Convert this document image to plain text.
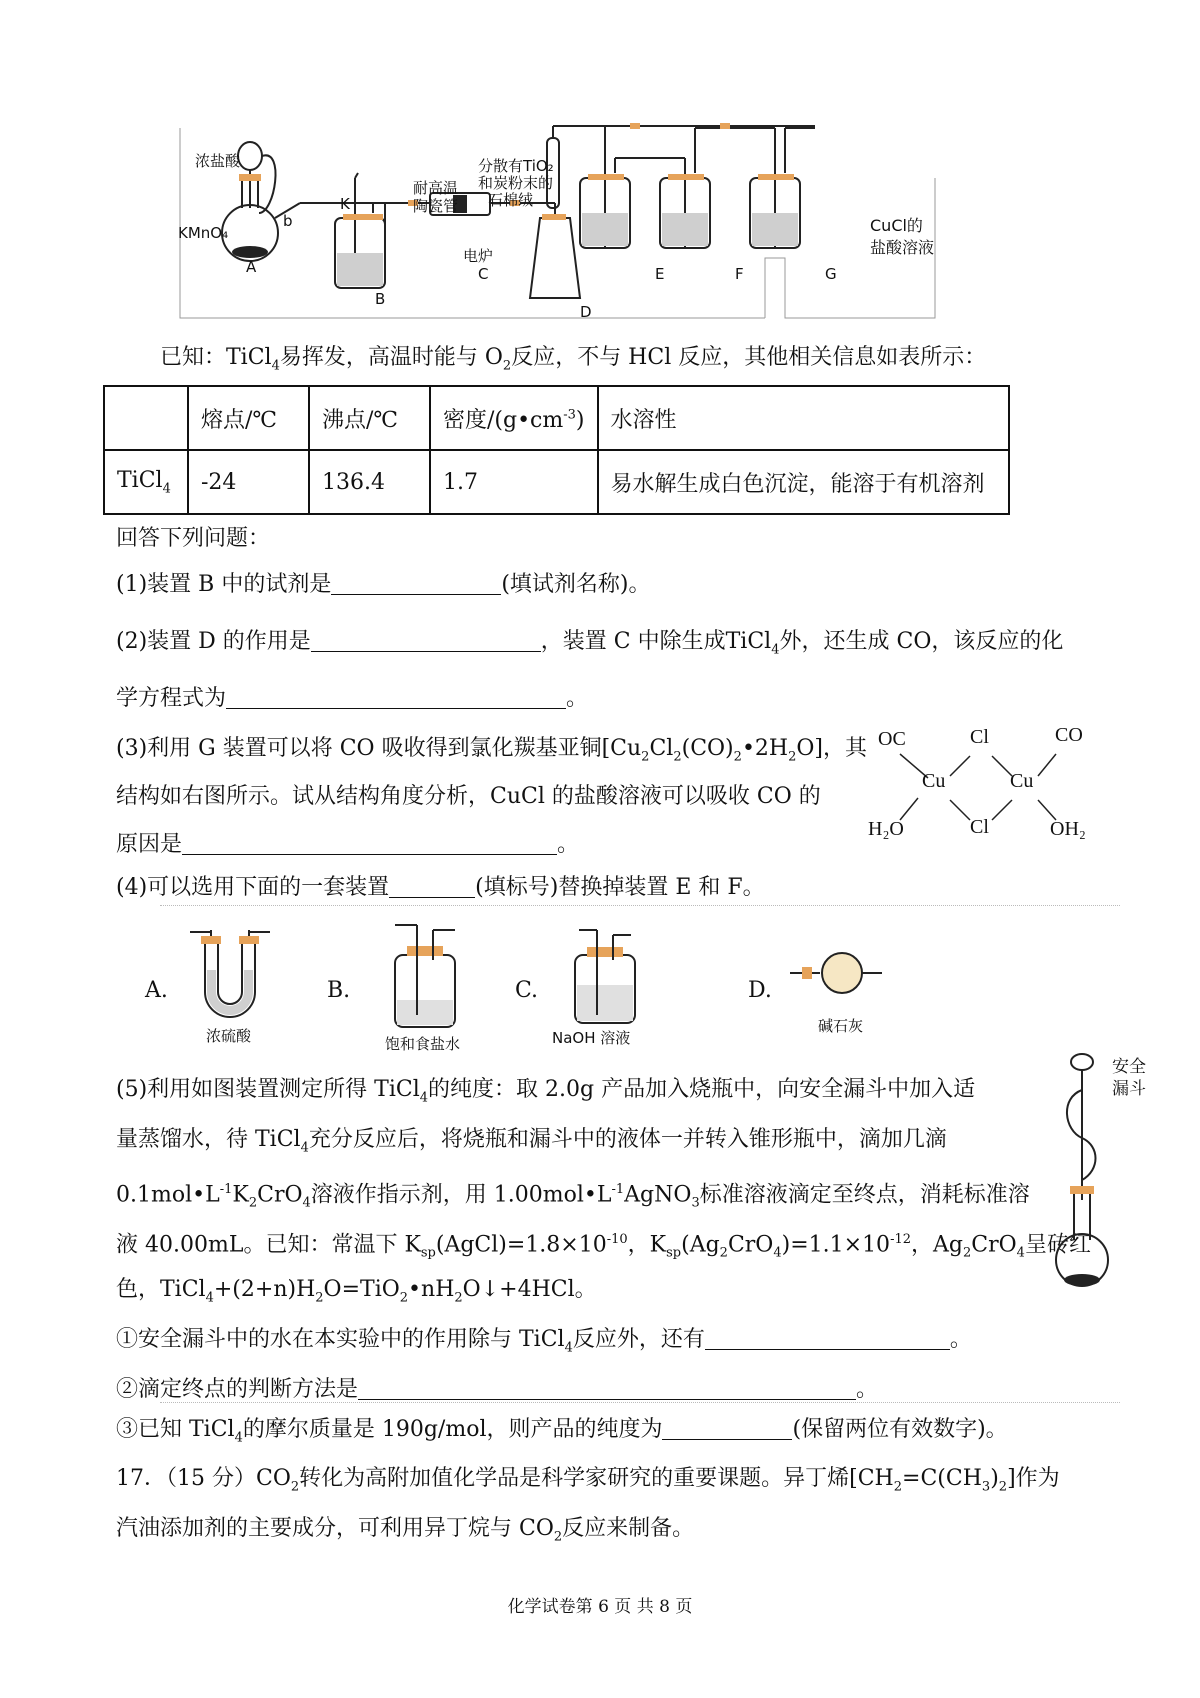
浓盐酸
KMnO₄
A
b
K
B
耐高温
陶瓷管
分散有TiO₂
和炭粉末的
石棉绒
电炉
C
D
E	F	G
CuCl的
盐酸溶液
已知：TiCl$_4$易挥发，高温时能与 $O_2$反应，不与 HCl 反应，其他相关信息如表所示：
	熔点/℃	沸点/℃	密度$/(g•cm^{-3})$	水溶性
TiCl$_4$	-24	136.4	1.7	易水解生成白色沉淀，能溶于有机溶剂
回答下列问题：
(1)装置 B 中的试剂是	(填试剂名称)。
(2)装置 D 的作用是	，装置 C 中除生成TiCl$_4$外，还生成 CO，该反应的化
学方程式为	。
(3)利用 G 装置可以将 CO 吸收得到氯化羰基亚铜$[Cu_2Cl_2(CO)_2•2H_2O]$，其
结构如右图所示。试从结构角度分析，CuCl 的盐酸溶液可以吸收 CO 的
原因是	。
OC	Cl	CO
Cu	Cu
H₂O	Cl	OH₂
(4)可以选用下面的一套装置	(填标号)替换掉装置 E 和 F。
A.
浓硫酸
B.
饱和食盐水
C.
NaOH 溶液
D.
碱石灰
(5)利用如图装置测定所得 TiCl$_4$的纯度：取 2.0g 产品加入烧瓶中，向安全漏斗中加入适
量蒸馏水，待 TiCl$_4$充分反应后，将烧瓶和漏斗中的液体一并转入锥形瓶中，滴加几滴
$0.1mol•L^{-1}K_2CrO_4$溶液作指示剂，用 $1.00mol•L^{-1}AgNO_3$标准溶液滴定至终点，消耗标准溶
液 40.00mL。已知：常温下 $K_{sp}(AgCl)=1.8\times 10^{-10}$，$K_{sp}(Ag_2CrO_4)=1.1\times 10^{-12}$，$Ag_2CrO_4$呈砖红
色，$TiCl_4+(2+n)H_2O=TiO_2•nH_2O↓+4HCl$。
安全
漏斗
①安全漏斗中的水在本实验中的作用除与 TiCl$_4$反应外，还有	。
②滴定终点的判断方法是	。
③已知 TiCl$_4$的摩尔质量是 190g/mol，则产品的纯度为	(保留两位有效数字)。
17．（15 分）$CO_2$转化为高附加值化学品是科学家研究的重要课题。异丁烯$[CH_2=C(CH_3)_2]$作为
汽油添加剂的主要成分，可利用异丁烷与 $CO_2$反应来制备。
化学试卷第 6 页 共 8 页
